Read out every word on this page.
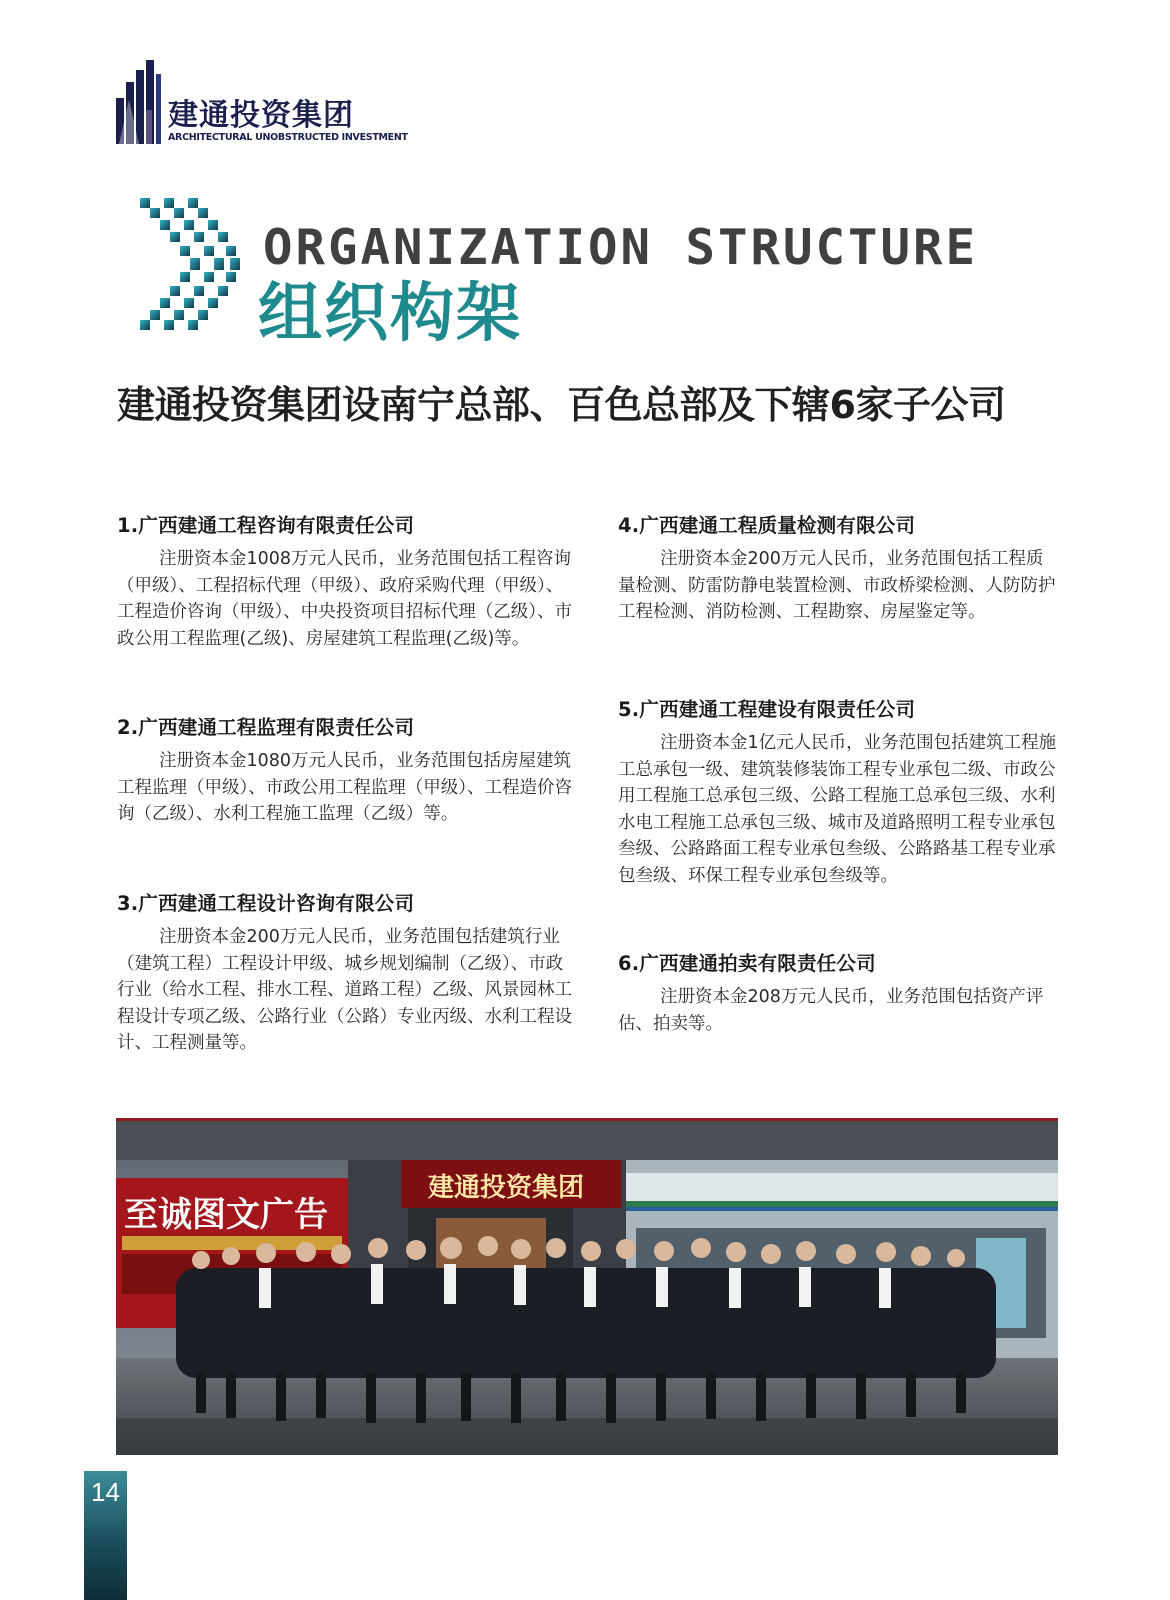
建通投资集团
ARCHITECTURAL UNOBSTRUCTED INVESTMENT
ORGANIZATION STRUCTURE
组织构架
建通投资集团设南宁总部、百色总部及下辖6家子公司
1.广西建通工程咨询有限责任公司
注册资本金1008万元人民币，业务范围包括工程咨询（甲级）、工程招标代理（甲级）、政府采购代理（甲级）、工程造价咨询（甲级）、中央投资项目招标代理（乙级）、市政公用工程监理(乙级)、房屋建筑工程监理(乙级)等。
2.广西建通工程监理有限责任公司
注册资本金1080万元人民币，业务范围包括房屋建筑工程监理（甲级）、市政公用工程监理（甲级）、工程造价咨询（乙级）、水利工程施工监理（乙级）等。
3.广西建通工程设计咨询有限公司
注册资本金200万元人民币，业务范围包括建筑行业（建筑工程）工程设计甲级、城乡规划编制（乙级）、市政行业（给水工程、排水工程、道路工程）乙级、风景园林工程设计专项乙级、公路行业（公路）专业丙级、水利工程设计、工程测量等。
4.广西建通工程质量检测有限公司
注册资本金200万元人民币，业务范围包括工程质量检测、防雷防静电装置检测、市政桥梁检测、人防防护工程检测、消防检测、工程勘察、房屋鉴定等。
5.广西建通工程建设有限责任公司
注册资本金1亿元人民币，业务范围包括建筑工程施工总承包一级、建筑装修装饰工程专业承包二级、市政公用工程施工总承包三级、公路工程施工总承包三级、水利水电工程施工总承包三级、城市及道路照明工程专业承包叁级、公路路面工程专业承包叁级、公路路基工程专业承包叁级、环保工程专业承包叁级等。
6.广西建通拍卖有限责任公司
注册资本金208万元人民币，业务范围包括资产评估、拍卖等。
至诚图文广告
建通投资集团
14
